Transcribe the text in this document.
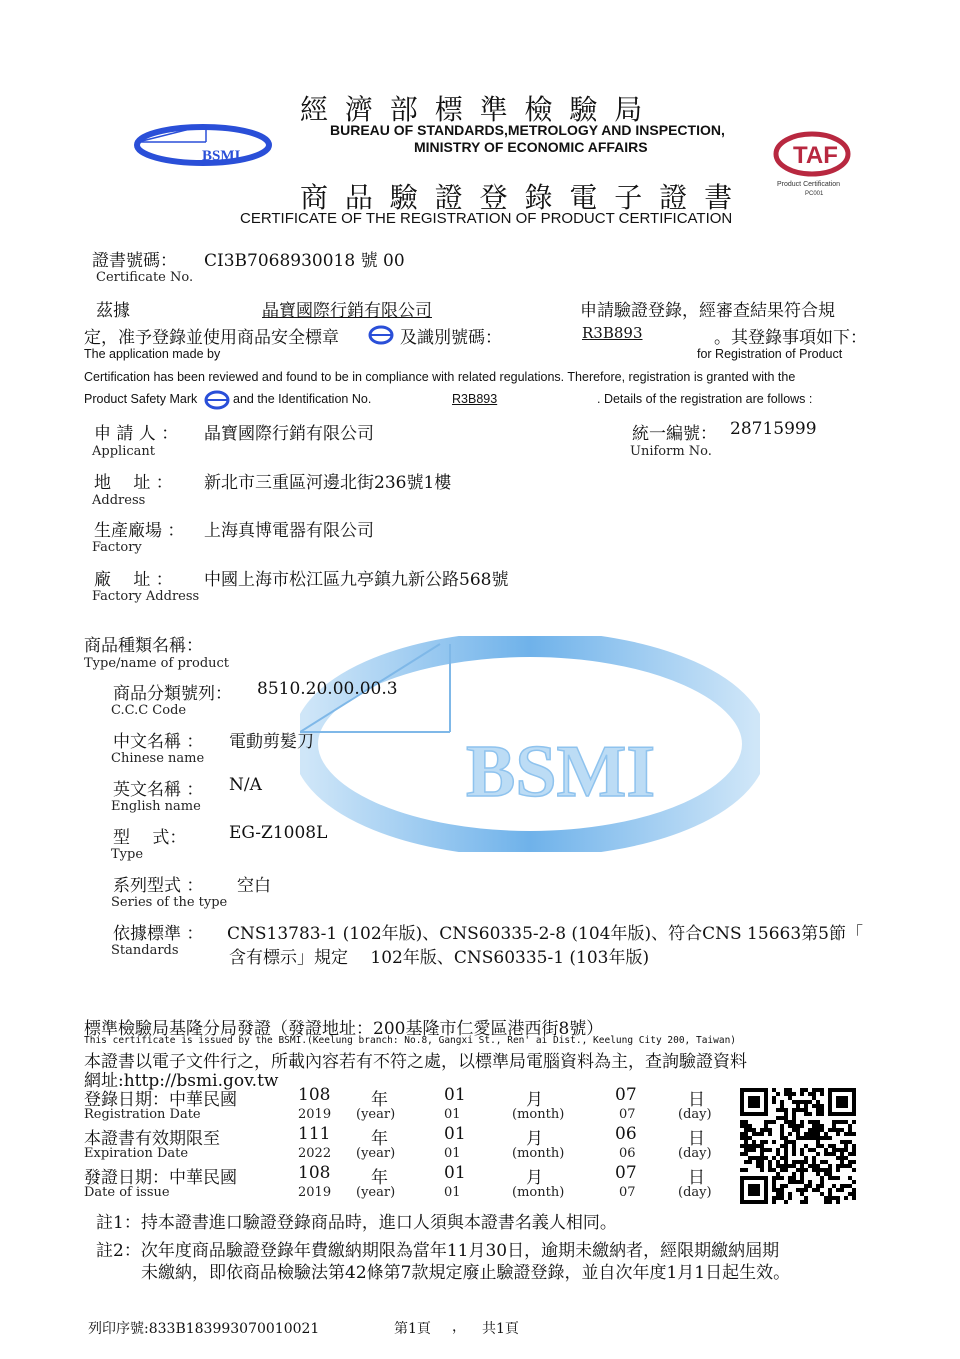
BSMI
BSMI	TAF
Product Certification
PC001
經 濟 部 標 準 檢 驗 局
BUREAU OF STANDARDS,METROLOGY AND INSPECTION,
MINISTRY OF ECONOMIC AFFAIRS
商 品 驗 證 登 錄 電 子 證 書
CERTIFICATE OF THE REGISTRATION OF PRODUCT CERTIFICATION
證書號碼： CI3B7068930018 號 00
Certificate No.
茲據	晶寶國際行銷有限公司	申請驗證登錄，經審查結果符合規
定，准予登錄並使用商品安全標章	及識別號碼：	R3B893	。其登錄事項如下：
The application made by	for Registration of Product
Certification has been reviewed and found to be in compliance with related regulations. Therefore, registration is granted with the
Product Safety Mark	and the Identification No.	R3B893	. Details of the registration are follows :
申 請 人 ： 晶寶國際行銷有限公司
Applicant
統一編號： 28715999
Uniform No.
地　 址 ： 新北市三重區河邊北街236號1樓
Address
生產廠場 ： 上海真博電器有限公司
Factory
廠　 址 ： 中國上海市松江區九亭鎮九新公路568號
Factory Address
商品種類名稱：
Type/name of product
商品分類號列： 8510.20.00.00.3
C.C.C Code
中文名稱 ： 電動剪髮刀
Chinese name
英文名稱 ： N/A
English name
型　 式：	EG-Z1008L
Type
系列型式 ： 空白
Series of the type
依據標準 ： CNS13783-1 (102年版)、CNS60335-2-8 (104年版)、符合CNS 15663第5節「
Standards	含有標示」規定　 102年版、CNS60335-1 (103年版)
標準檢驗局基隆分局發證（發證地址：200基隆市仁愛區港西街8號）
This certificate is issued by the BSMI.(Keelung branch: No.8, Gangxi St., Ren' ai Dist., Keelung City 200, Taiwan)
本證書以電子文件行之，所載內容若有不符之處，以標準局電腦資料為主，查詢驗證資料
網址:http://bsmi.gov.tw
登錄日期：中華民國	108 年	01	月	07	日
Registration Date	2019 (year)	01	(month)	07	(day)
本證書有效期限至	111 年	01	月	06	日
Expiration Date	2022 (year)	01	(month)	06	(day)
發證日期：中華民國	108 年	01	月	07	日
Date of issue	2019 (year)	01	(month)	07	(day)
註1：持本證書進口驗證登錄商品時，進口人須與本證書名義人相同。
註2：次年度商品驗證登錄年費繳納期限為當年11月30日，逾期未繳納者，經限期繳納屆期
未繳納，即依商品檢驗法第42條第7款規定廢止驗證登錄，並自次年度1月1日起生效。
列印序號:833B183993070010021	第1頁 ， 共1頁
